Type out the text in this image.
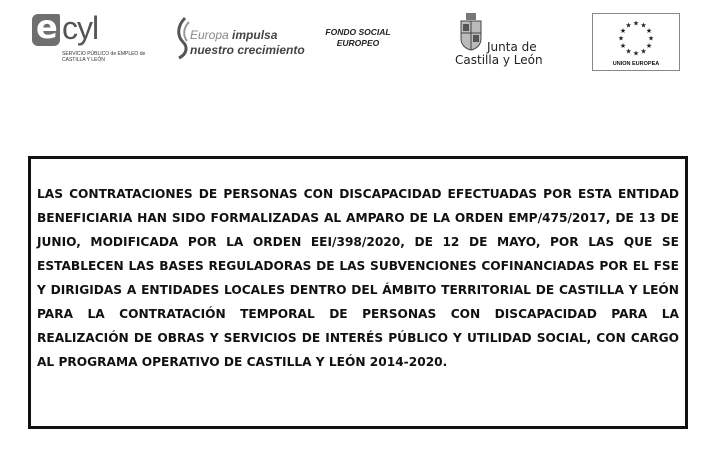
e cyl
SERVICIO PÚBLICO de EMPLEO de CASTILLA Y LEÓN
Europa impulsa
nuestro crecimiento
FONDO SOCIAL
EUROPEO	Junta de
Castilla y León
★ ★
★
★
★
★
★
★
★
★
★
★
UNION EUROPEA

LAS CONTRATACIONES DE PERSONAS CON DISCAPACIDAD EFECTUADAS POR ESTA ENTIDAD BENEFICIARIA HAN SIDO FORMALIZADAS AL AMPARO DE LA ORDEN EMP/475/2017, DE 13 DE JUNIO, MODIFICADA POR LA ORDEN EEI/398/2020, DE 12 DE MAYO, POR LAS QUE SE ESTABLECEN LAS BASES REGULADORAS DE LAS SUBVENCIONES COFINANCIADAS POR EL FSE Y DIRIGIDAS A ENTIDADES LOCALES DENTRO DEL ÁMBITO TERRITORIAL DE CASTILLA Y LEÓN PARA LA CONTRATACIÓN TEMPORAL DE PERSONAS CON DISCAPACIDAD PARA LA REALIZACIÓN DE OBRAS Y SERVICIOS DE INTERÉS PÚBLICO Y UTILIDAD SOCIAL, CON CARGO AL PROGRAMA OPERATIVO DE CASTILLA Y LEÓN 2014-2020.
